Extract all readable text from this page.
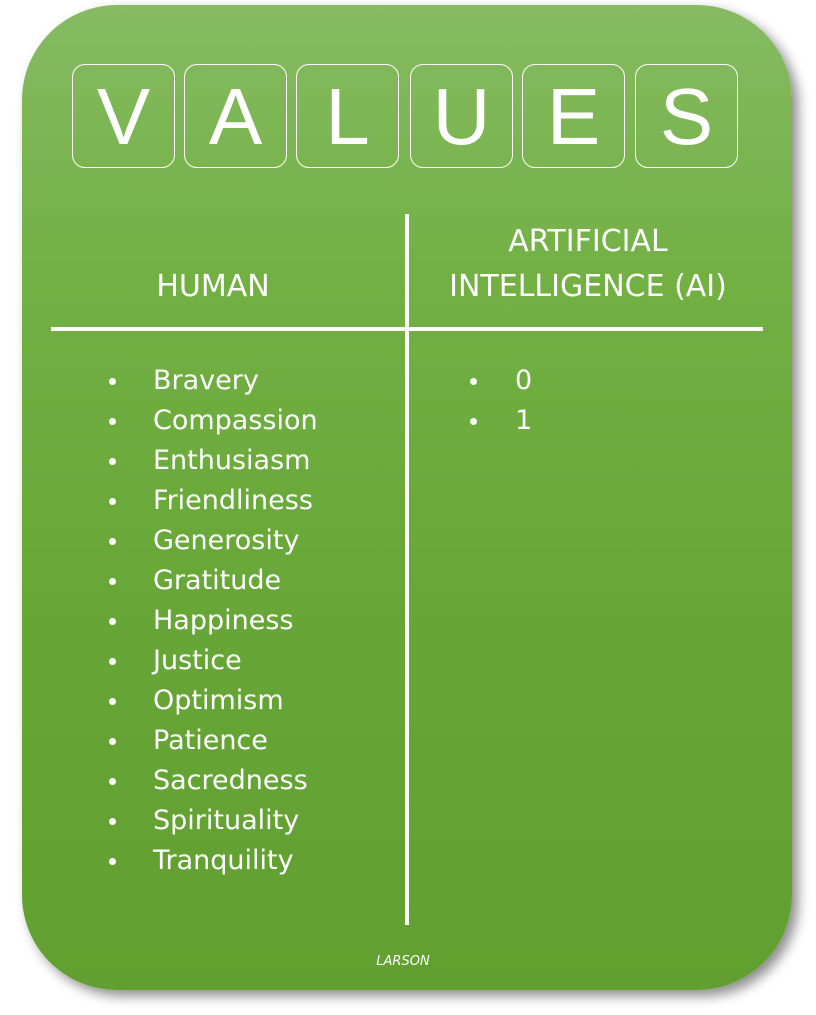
V A L U E S
HUMAN
ARTIFICIAL
INTELLIGENCE (AI)
Bravery
Compassion
Enthusiasm
Friendliness
Generosity
Gratitude
Happiness
Justice
Optimism
Patience
Sacredness
Spirituality
Tranquility
0
1
LARSON
